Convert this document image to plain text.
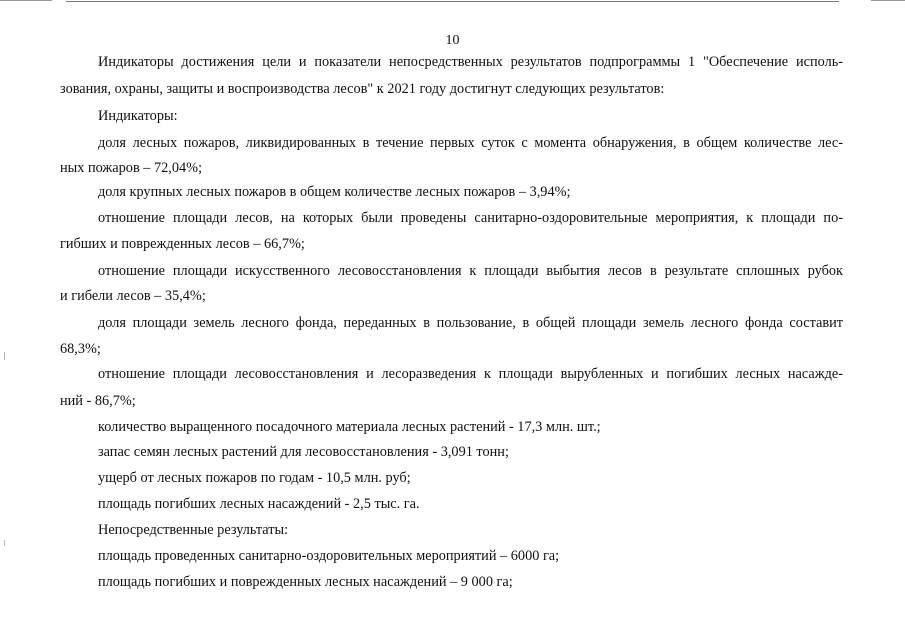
10
Индикаторы достижения цели и показатели непосредственных результатов подпрограммы 1 "Обеспечение исполь-
зования, охраны, защиты и воспроизводства лесов" к 2021 году достигнут следующих результатов:
Индикаторы:
доля лесных пожаров, ликвидированных в течение первых суток с момента обнаружения, в общем количестве лес-
ных пожаров – 72,04%;
доля крупных лесных пожаров в общем количестве лесных пожаров – 3,94%;
отношение площади лесов, на которых были проведены санитарно-оздоровительные мероприятия, к площади по-
гибших и поврежденных лесов – 66,7%;
отношение площади искусственного лесовосстановления к площади выбытия лесов в результате сплошных рубок
и гибели лесов – 35,4%;
доля площади земель лесного фонда, переданных в пользование, в общей площади земель лесного фонда составит
68,3%;
отношение площади лесовосстановления и лесоразведения к площади вырубленных и погибших лесных насажде-
ний - 86,7%;
количество выращенного посадочного материала лесных растений - 17,3 млн. шт.;
запас семян лесных растений для лесовосстановления - 3,091 тонн;
ущерб от лесных пожаров по годам - 10,5 млн. руб;
площадь погибших лесных насаждений - 2,5 тыс. га.
Непосредственные результаты:
площадь проведенных санитарно-оздоровительных мероприятий – 6000 га;
площадь погибших и поврежденных лесных насаждений – 9 000 га;
